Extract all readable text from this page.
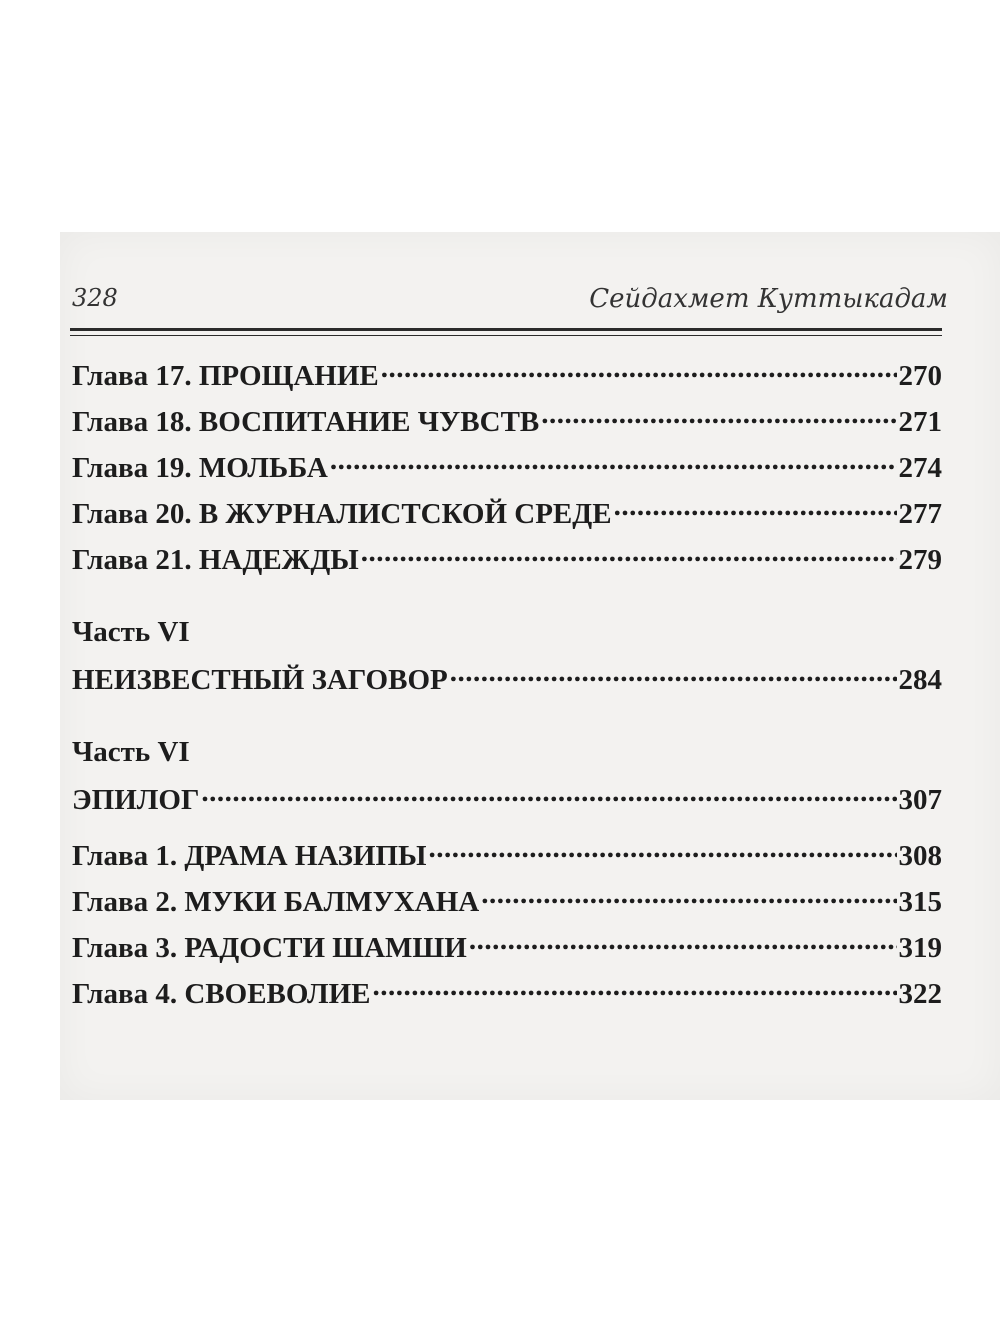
328	Сейдахмет Куттыкадам
Глава 17. ПРОЩАНИЕ .....	270
Глава 18. ВОСПИТАНИЕ ЧУВСТВ .....	271
Глава 19. МОЛЬБА .....	274
Глава 20. В ЖУРНАЛИСТСКОЙ СРЕДЕ .....	277
Глава 21. НАДЕЖДЫ .....	279
Часть VI
НЕИЗВЕСТНЫЙ ЗАГОВОР .....	284
Часть VI
ЭПИЛОГ .....	307
Глава 1. ДРАМА НАЗИПЫ .....	308
Глава 2. МУКИ БАЛМУХАНА .....	315
Глава 3. РАДОСТИ ШАМШИ .....	319
Глава 4. СВОЕВОЛИЕ .....	322
